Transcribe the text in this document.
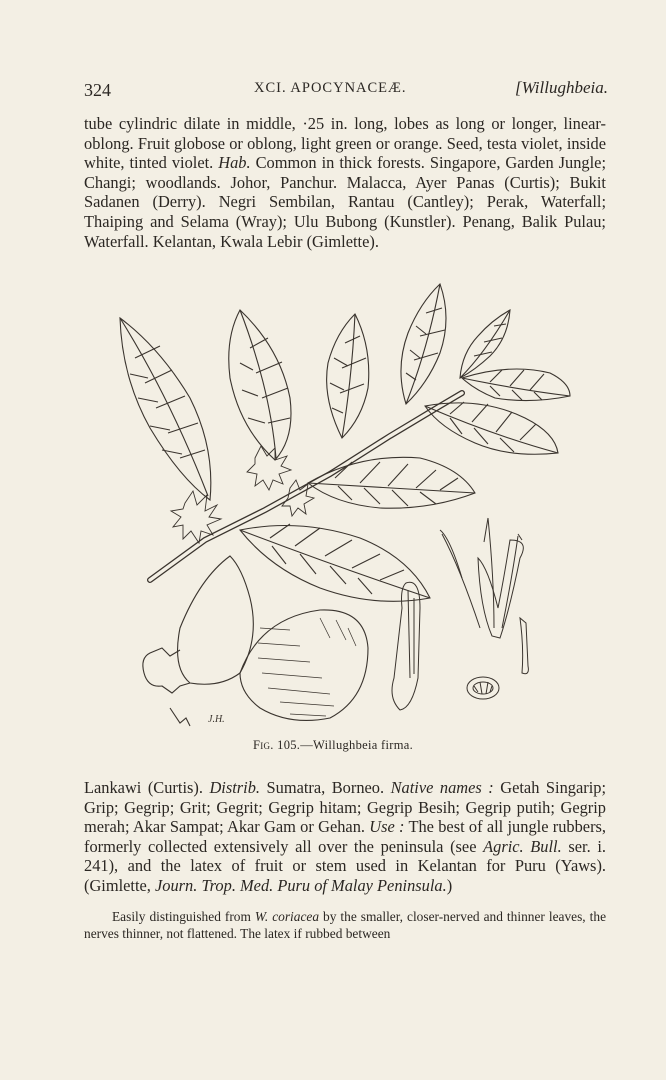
324	XCI. APOCYNACEÆ.	[Willughbeia.

tube cylindric dilate in middle, ·25 in. long, lobes as long or longer, linear-oblong. Fruit globose or oblong, light green or orange. Seed, testa violet, inside white, tinted violet. Hab. Common in thick forests. Singapore, Garden Jungle; Changi; woodlands. Johor, Panchur. Malacca, Ayer Panas (Curtis); Bukit Sadanen (Derry). Negri Sembilan, Rantau (Cantley); Perak, Waterfall; Thaiping and Selama (Wray); Ulu Bubong (Kunstler). Penang, Balik Pulau; Waterfall. Kelantan, Kwala Lebir (Gimlette).

J.H.
Fig. 105.—Willughbeia firma.

Lankawi (Curtis). Distrib. Sumatra, Borneo. Native names : Getah Singarip; Grip; Gegrip; Grit; Gegrit; Gegrip hitam; Gegrip Besih; Gegrip putih; Gegrip merah; Akar Sampat; Akar Gam or Gehan. Use : The best of all jungle rubbers, formerly collected extensively all over the peninsula (see Agric. Bull. ser. i. 241), and the latex of fruit or stem used in Kelantan for Puru (Yaws). (Gimlette, Journ. Trop. Med. Puru of Malay Peninsula.)

Easily distinguished from W. coriacea by the smaller, closer-nerved and thinner leaves, the nerves thinner, not flattened. The latex if rubbed between
